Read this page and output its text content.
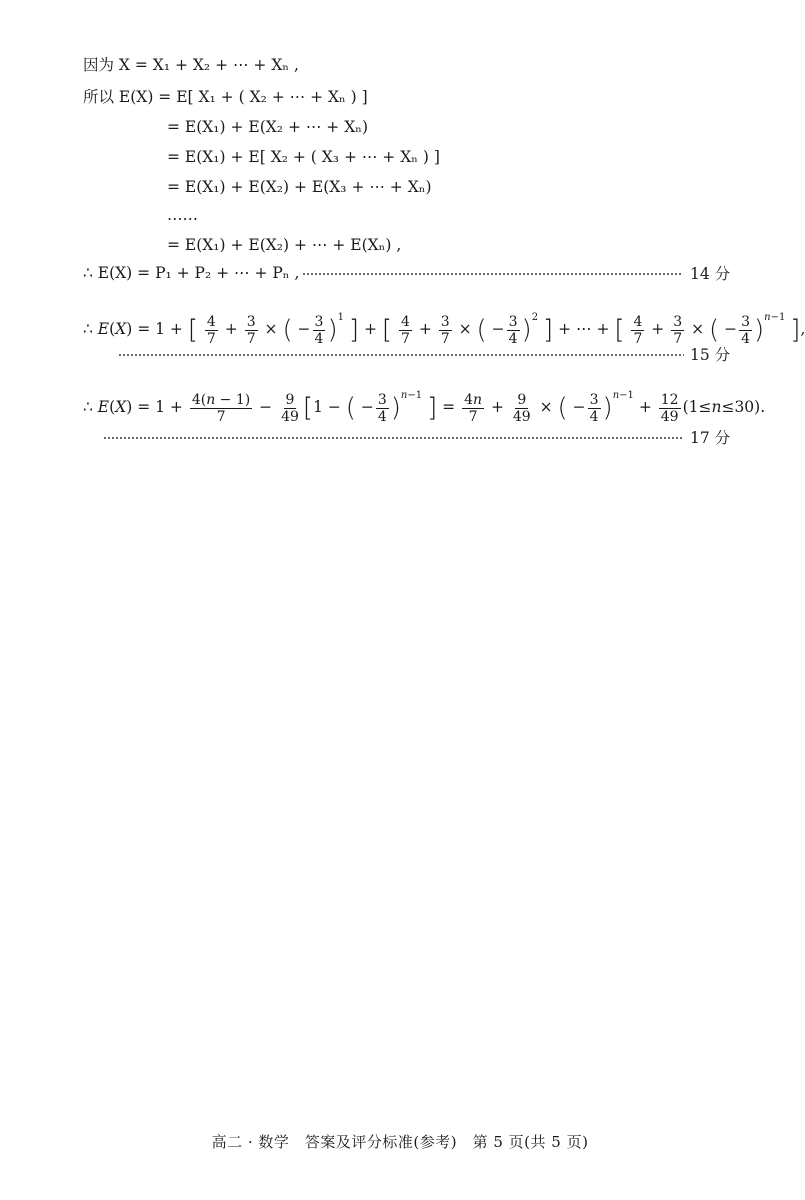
因为 X = X₁ + X₂ + ⋯ + Xₙ ,
所以 E(X) = E[ X₁ + ( X₂ + ⋯ + Xₙ ) ]
= E(X₁) + E(X₂ + ⋯ + Xₙ)
= E(X₁) + E[ X₂ + ( X₃ + ⋯ + Xₙ ) ]
= E(X₁) + E(X₂) + E(X₃ + ⋯ + Xₙ)
……
= E(X₁) + E(X₂) + ⋯ + E(Xₙ) ,
∴ E(X) = P₁ + P₂ + ⋯ + Pₙ ,	14 分
∴ E(X) = 1 + [ $\frac{4}{7} + \frac{3}{7}$ × ( − $\frac{3}{4} )^1$ ] + [ $\frac{4}{7} + \frac{3}{7}$ × ( − $\frac{3}{4} )^2$ ] + ⋯ + [ $\frac{4}{7} + \frac{3}{7}$ × ( − $\frac{3}{4} )^{n-1}$ ],
15 分
∴ $E(X) = 1 + \frac{4(n - 1)}{7} - \frac{9}{49} [1$ − ( − $\frac{3}{4} )^{n-1}$ ] = $\frac{4n}{7} + \frac{9}{49}$ × ( − $\frac{3}{4} )^{n-1} + \frac{12}{49} (1\le n\le 30)$.
17 分
高二 · 数学　答案及评分标准(参考)　第 5 页(共 5 页)
